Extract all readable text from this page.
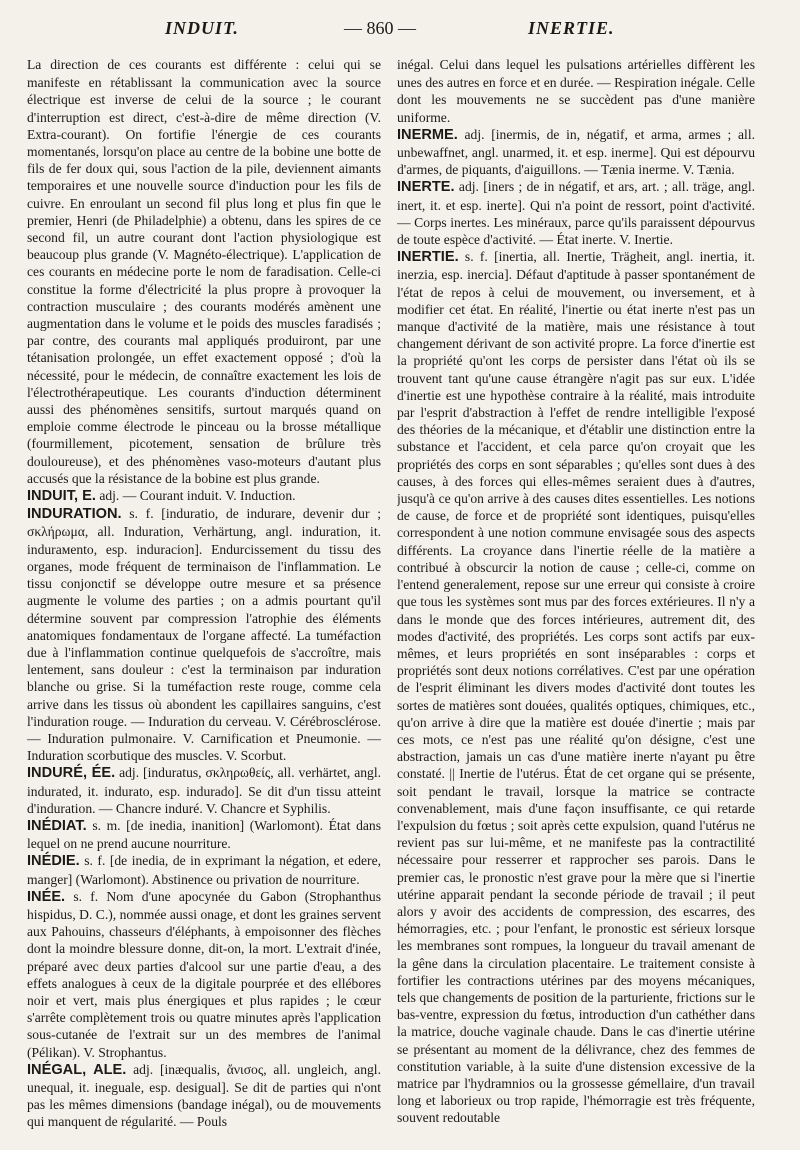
INDUIT.	— 860 —	INERTIE.

La direction de ces courants est différente : celui qui se manifeste en rétablissant la communication avec la source électrique est inverse de celui de la source ; le courant d'interruption est direct, c'est-à-dire de même direction (V. Extra-courant). On fortifie l'énergie de ces courants momentanés, lorsqu'on place au centre de la bobine une botte de fils de fer doux qui, sous l'action de la pile, deviennent aimants temporaires et une nouvelle source d'induction pour les fils de cuivre. En enroulant un second fil plus long et plus fin que le premier, Henri (de Philadelphie) a obtenu, dans les spires de ce second fil, un autre courant dont l'action physiologique est beaucoup plus grande (V. Magnéto-électrique). L'application de ces courants en médecine porte le nom de faradisation. Celle-ci constitue la forme d'électricité la plus propre à provoquer la contraction musculaire ; des courants modérés amènent une augmentation dans le volume et le poids des muscles faradisés ; par contre, des courants mal appliqués produiront, par une tétanisation prolongée, un effet exactement opposé ; d'où la nécessité, pour le médecin, de connaître exactement les lois de l'électrothérapeutique. Les courants d'induction déterminent aussi des phénomènes sensitifs, surtout marqués quand on emploie comme électrode le pinceau ou la brosse métallique (fourmillement, picotement, sensation de brûlure très douloureuse), et des phénomènes vaso-moteurs d'autant plus accusés que la résistance de la bobine est plus grande.

INDUIT, E. adj. — Courant induit. V. Induction.

INDURATION. s. f. [induratio, de indurare, devenir dur ; σκλήρωμα, all. Induration, Verhärtung, angl. induration, it. indurамento, esp. induracion]. Endurcissement du tissu des organes, mode fréquent de terminaison de l'inflammation. Le tissu conjonctif se développe outre mesure et sa présence augmente le volume des parties ; on a admis pourtant qu'il détermine souvent par compression l'atrophie des éléments anatomiques fondamentaux de l'organe affecté. La tuméfaction due à l'inflammation continue quelquefois de s'accroître, mais lentement, sans douleur : c'est la terminaison par induration blanche ou grise. Si la tuméfaction reste rouge, comme cela arrive dans les tissus où abondent les capillaires sanguins, c'est l'induration rouge. — Induration du cerveau. V. Cérébrosclérose. — Induration pulmonaire. V. Carnification et Pneumonie. — Induration scorbutique des muscles. V. Scorbut.

INDURÉ, ÉE. adj. [induratus, σκληρωθείς, all. verhärtet, angl. indurated, it. indurato, esp. indurado]. Se dit d'un tissu atteint d'induration. — Chancre induré. V. Chancre et Syphilis.

INÉDIAT. s. m. [de inedia, inanition] (Warlomont). État dans lequel on ne prend aucune nourriture.

INÉDIE. s. f. [de inedia, de in exprimant la négation, et edere, manger] (Warlomont). Abstinence ou privation de nourriture.

INÉE. s. f. Nom d'une apocynée du Gabon (Strophanthus hispidus, D. C.), nommée aussi onage, et dont les graines servent aux Pahouins, chasseurs d'éléphants, à empoisonner des flèches dont la moindre blessure donne, dit-on, la mort. L'extrait d'inée, préparé avec deux parties d'alcool sur une partie d'eau, a des effets analogues à ceux de la digitale pourprée et des ellébores noir et vert, mais plus énergiques et plus rapides ; le cœur s'arrête complètement trois ou quatre minutes après l'application sous-cutanée de l'extrait sur un des membres de l'animal (Pélikan). V. Strophantus.

INÉGAL, ALE. adj. [inæqualis, ἄνισος, all. ungleich, angl. unequal, it. ineguale, esp. desigual]. Se dit de parties qui n'ont pas les mêmes dimensions (bandage inégal), ou de mouvements qui manquent de régularité. — Pouls

inégal. Celui dans lequel les pulsations artérielles diffèrent les unes des autres en force et en durée. — Respiration inégale. Celle dont les mouvements ne se succèdent pas d'une manière uniforme.

INERME. adj. [inermis, de in, négatif, et arma, armes ; all. unbewaffnet, angl. unarmed, it. et esp. inerme]. Qui est dépourvu d'armes, de piquants, d'aiguillons. — Tænia inerme. V. Tænia.

INERTE. adj. [iners ; de in négatif, et ars, art. ; all. träge, angl. inert, it. et esp. inerte]. Qui n'a point de ressort, point d'activité. — Corps inertes. Les minéraux, parce qu'ils paraissent dépourvus de toute espèce d'activité. — État inerte. V. Inertie.

INERTIE. s. f. [inertia, all. Inertie, Trägheit, angl. inertia, it. inerzia, esp. inercia]. Défaut d'aptitude à passer spontanément de l'état de repos à celui de mouvement, ou inversement, et à modifier cet état. En réalité, l'inertie ou état inerte n'est pas un manque d'activité de la matière, mais une résistance à tout changement dérivant de son activité propre. La force d'inertie est la propriété qu'ont les corps de persister dans l'état où ils se trouvent tant qu'une cause étrangère n'agit pas sur eux. L'idée d'inertie est une hypothèse contraire à la réalité, mais introduite par l'esprit d'abstraction à l'effet de rendre intelligible l'exposé des théories de la mécanique, et d'établir une distinction entre la substance et l'accident, et cela parce qu'on croyait que les propriétés des corps en sont séparables ; qu'elles sont dues à des causes, à des forces qui elles-mêmes seraient dues à d'autres, jusqu'à ce qu'on arrive à des causes dites essentielles. Les notions de cause, de force et de propriété sont identiques, puisqu'elles correspondent à une notion commune envisagée sous des aspects différents. La croyance dans l'inertie réelle de la matière a contribué à obscurcir la notion de cause ; celle-ci, comme on l'entend generalement, repose sur une erreur qui consiste à croire que tous les systèmes sont mus par des forces extérieures. Il n'y a dans le monde que des forces intérieures, autrement dit, des modes d'activité, des propriétés. Les corps sont actifs par eux-mêmes, et leurs propriétés en sont inséparables : corps et propriétés sont deux notions corrélatives. C'est par une opération de l'esprit éliminant les divers modes d'activité dont toutes les sortes de matières sont douées, qualités optiques, chimiques, etc., qu'on arrive à dire que la matière est douée d'inertie ; mais par ces mots, ce n'est pas une réalité qu'on désigne, c'est une abstraction, jamais un cas d'une matière inerte n'ayant pu être constaté. || Inertie de l'utérus. État de cet organe qui se présente, soit pendant le travail, lorsque la matrice se contracte convenablement, mais d'une façon insuffisante, ce qui retarde l'expulsion du fœtus ; soit après cette expulsion, quand l'utérus ne revient pas sur lui-même, et ne manifeste pas la contractilité nécessaire pour resserrer et rapprocher ses parois. Dans le premier cas, le pronostic n'est grave pour la mère que si l'inertie utérine apparait pendant la seconde période de travail ; il peut alors y avoir des accidents de compression, des escarres, des hémorragies, etc. ; pour l'enfant, le pronostic est sérieux lorsque les membranes sont rompues, la longueur du travail amenant de la gêne dans la circulation placentaire. Le traitement consiste à fortifier les contractions utérines par des moyens mécaniques, tels que changements de position de la parturiente, frictions sur le bas-ventre, expression du fœtus, introduction d'un cathéther dans la matrice, douche vaginale chaude. Dans le cas d'inertie utérine se présentant au moment de la délivrance, chez des femmes de constitution variable, à la suite d'une distension excessive de la matrice par l'hydramnios ou la grossesse gémellaire, d'un travail long et laborieux ou trop rapide, l'hémorragie est très fréquente, souvent redoutable
